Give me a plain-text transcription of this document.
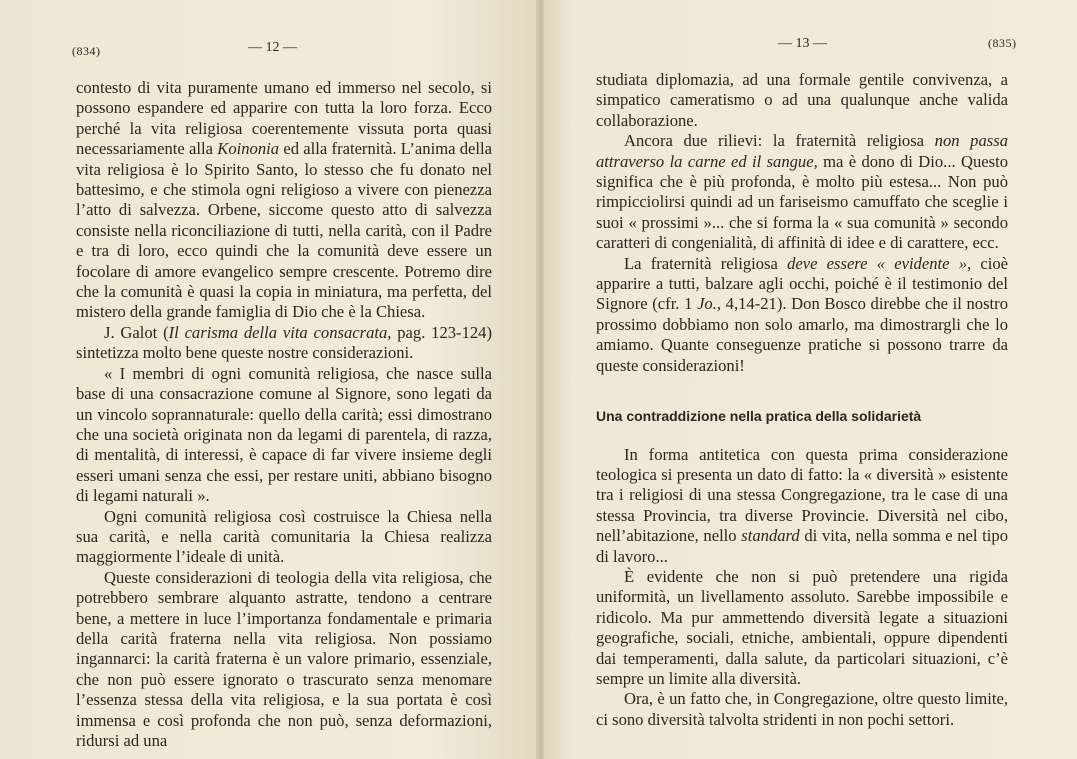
(834)	— 12 —

contesto di vita puramente umano ed immerso nel secolo, si possono espandere ed apparire con tutta la loro forza. Ecco perché la vita religiosa coerentemente vissuta porta quasi necessariamente alla Koinonia ed alla fraternità. L’anima della vita religiosa è lo Spirito Santo, lo stesso che fu donato nel battesimo, e che stimola ogni religioso a vivere con pienezza l’atto di salvezza. Orbene, siccome questo atto di salvezza consiste nella riconciliazione di tutti, nella carità, con il Padre e tra di loro, ecco quindi che la comunità deve essere un focolare di amore evangelico sempre crescente. Potremo dire che la comunità è quasi la copia in miniatura, ma perfetta, del mistero della grande famiglia di Dio che è la Chiesa.

J. Galot (Il carisma della vita consacrata, pag. 123-124) sintetizza molto bene queste nostre considerazioni.

« I membri di ogni comunità religiosa, che nasce sulla base di una consacrazione comune al Signore, sono legati da un vincolo soprannaturale: quello della carità; essi dimostrano che una società originata non da legami di parentela, di razza, di mentalità, di interessi, è capace di far vivere insieme degli esseri umani senza che essi, per restare uniti, abbiano bisogno di legami naturali ».

Ogni comunità religiosa così costruisce la Chiesa nella sua carità, e nella carità comunitaria la Chiesa realizza maggiormente l’ideale di unità.

Queste considerazioni di teologia della vita religiosa, che potrebbero sembrare alquanto astratte, tendono a centrare bene, a mettere in luce l’importanza fondamentale e primaria della carità fraterna nella vita religiosa. Non possiamo ingannarci: la carità fraterna è un valore primario, essenziale, che non può essere ignorato o trascurato senza menomare l’essenza stessa della vita religiosa, e la sua portata è così immensa e così profonda che non può, senza deformazioni, ridursi ad una

(835)
— 13 —

studiata diplomazia, ad una formale gentile convivenza, a simpatico cameratismo o ad una qualunque anche valida collaborazione.

Ancora due rilievi: la fraternità religiosa non passa attraverso la carne ed il sangue, ma è dono di Dio... Questo significa che è più profonda, è molto più estesa... Non può rimpicciolirsi quindi ad un fariseismo camuffato che sceglie i suoi « prossimi »... che si forma la « sua comunità » secondo caratteri di congenialità, di affinità di idee e di carattere, ecc.

La fraternità religiosa deve essere « evidente », cioè apparire a tutti, balzare agli occhi, poiché è il testimonio del Signore (cfr. 1 Jo., 4,14-21). Don Bosco direbbe che il nostro prossimo dobbiamo non solo amarlo, ma dimostrargli che lo amiamo. Quante conseguenze pratiche si possono trarre da queste considerazioni!

Una contraddizione nella pratica della solidarietà

In forma antitetica con questa prima considerazione teologica si presenta un dato di fatto: la « diversità » esistente tra i religiosi di una stessa Congregazione, tra le case di una stessa Provincia, tra diverse Provincie. Diversità nel cibo, nell’abitazione, nello standard di vita, nella somma e nel tipo di lavoro...

È evidente che non si può pretendere una rigida uniformità, un livellamento assoluto. Sarebbe impossibile e ridicolo. Ma pur ammettendo diversità legate a situazioni geografiche, sociali, etniche, ambientali, oppure dipendenti dai temperamenti, dalla salute, da particolari situazioni, c’è sempre un limite alla diversità.

Ora, è un fatto che, in Congregazione, oltre questo limite, ci sono diversità talvolta stridenti in non pochi settori.
